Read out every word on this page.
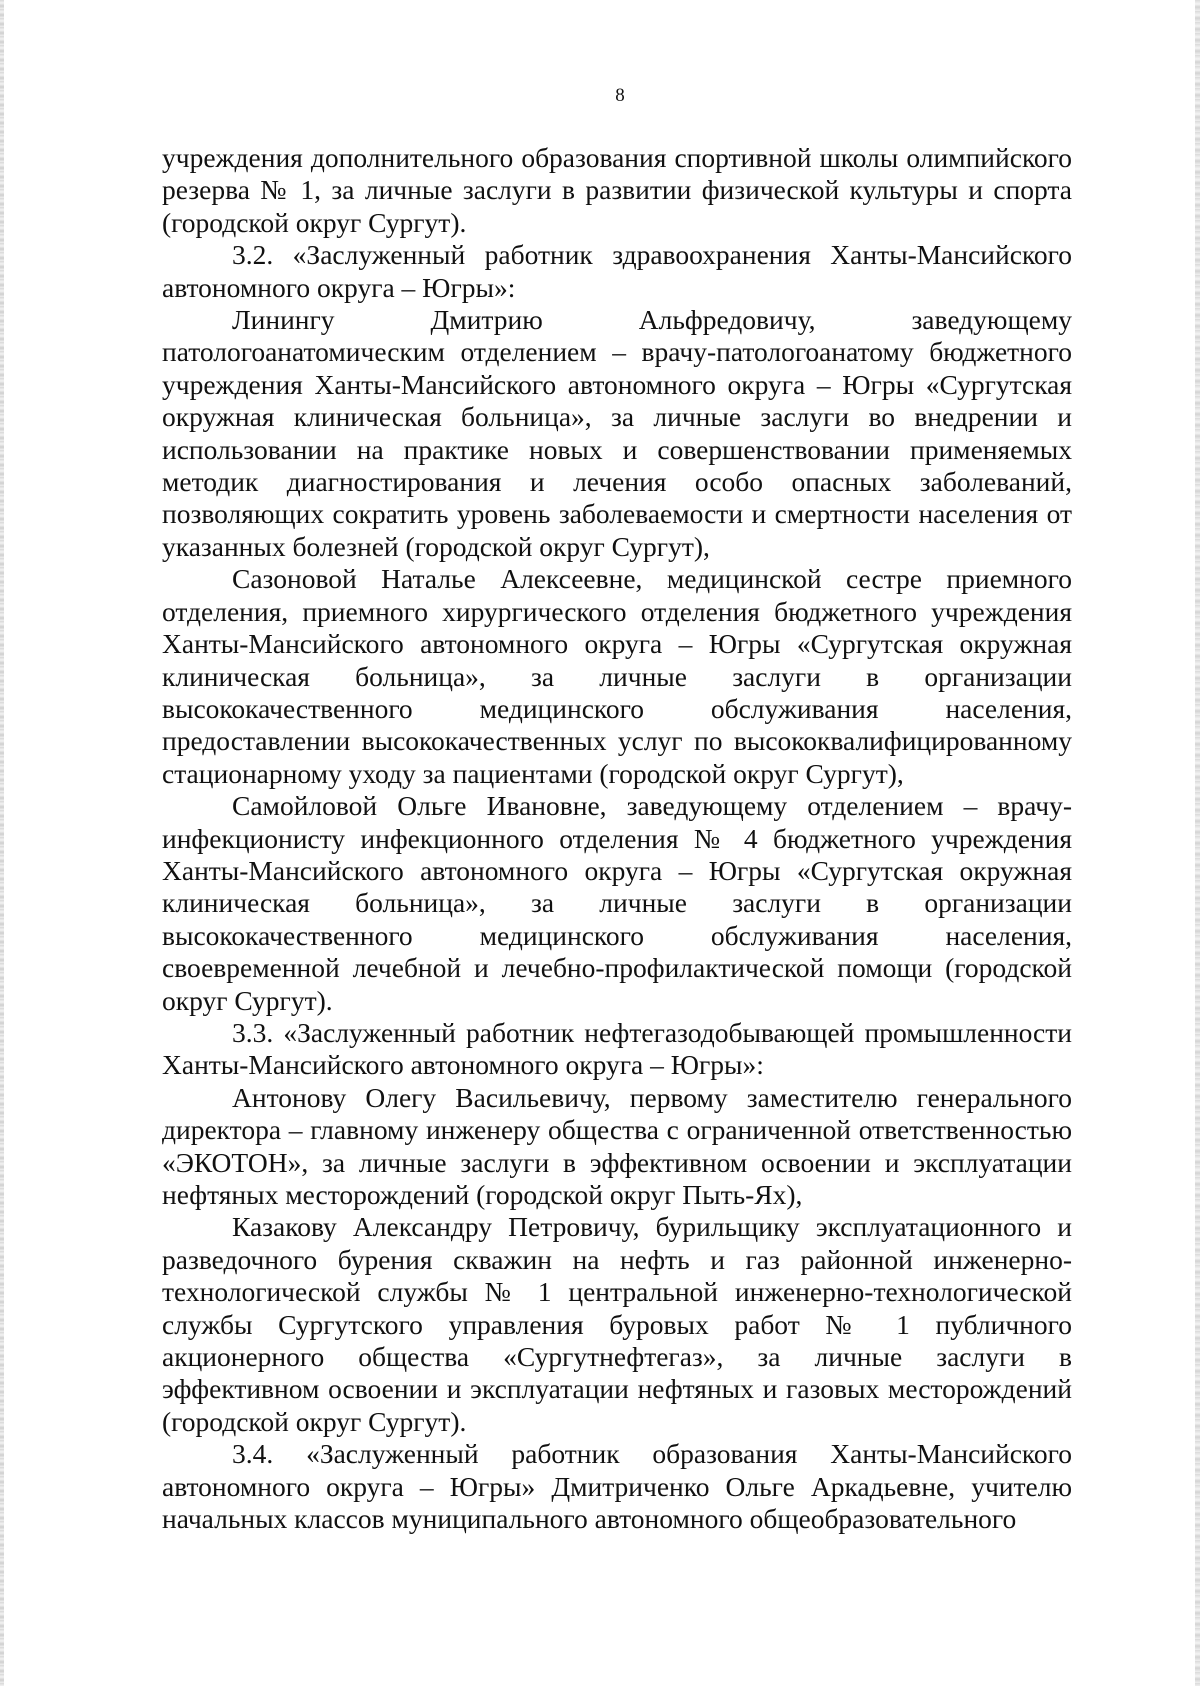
8

учреждения дополнительного образования спортивной школы олимпийского резерва № 1, за личные заслуги в развитии физической культуры и спорта (городской округ Сургут).

3.2. «Заслуженный работник здравоохранения Ханты-Мансийского автономного округа – Югры»:

Линингу Дмитрию Альфредовичу, заведующему патологоанатомическим отделением – врачу-патологоанатому бюджетного учреждения Ханты-Мансийского автономного округа – Югры «Сургутская окружная клиническая больница», за личные заслуги во внедрении и использовании на практике новых и совершенствовании применяемых методик диагностирования и лечения особо опасных заболеваний, позволяющих сократить уровень заболеваемости и смертности населения от указанных болезней (городской округ Сургут),

Сазоновой Наталье Алексеевне, медицинской сестре приемного отделения, приемного хирургического отделения бюджетного учреждения Ханты-Мансийского автономного округа – Югры «Сургутская окружная клиническая больница», за личные заслуги в организации высококачественного медицинского обслуживания населения, предоставлении высококачественных услуг по высококвалифицированному стационарному уходу за пациентами (городской округ Сургут),

Самойловой Ольге Ивановне, заведующему отделением – врачу-инфекционисту инфекционного отделения № 4 бюджетного учреждения Ханты-Мансийского автономного округа – Югры «Сургутская окружная клиническая больница», за личные заслуги в организации высококачественного медицинского обслуживания населения, своевременной лечебной и лечебно-профилактической помощи (городской округ Сургут).

3.3. «Заслуженный работник нефтегазодобывающей промышленности Ханты-Мансийского автономного округа – Югры»:

Антонову Олегу Васильевичу, первому заместителю генерального директора – главному инженеру общества с ограниченной ответственностью «ЭКОТОН», за личные заслуги в эффективном освоении и эксплуатации нефтяных месторождений (городской округ Пыть-Ях),

Казакову Александру Петровичу, бурильщику эксплуатационного и разведочного бурения скважин на нефть и газ районной инженерно-технологической службы № 1 центральной инженерно-технологической службы Сургутского управления буровых работ № 1 публичного акционерного общества «Сургутнефтегаз», за личные заслуги в эффективном освоении и эксплуатации нефтяных и газовых месторождений (городской округ Сургут).

3.4. «Заслуженный работник образования Ханты-Мансийского автономного округа – Югры» Дмитриченко Ольге Аркадьевне, учителю начальных классов муниципального автономного общеобразовательного
